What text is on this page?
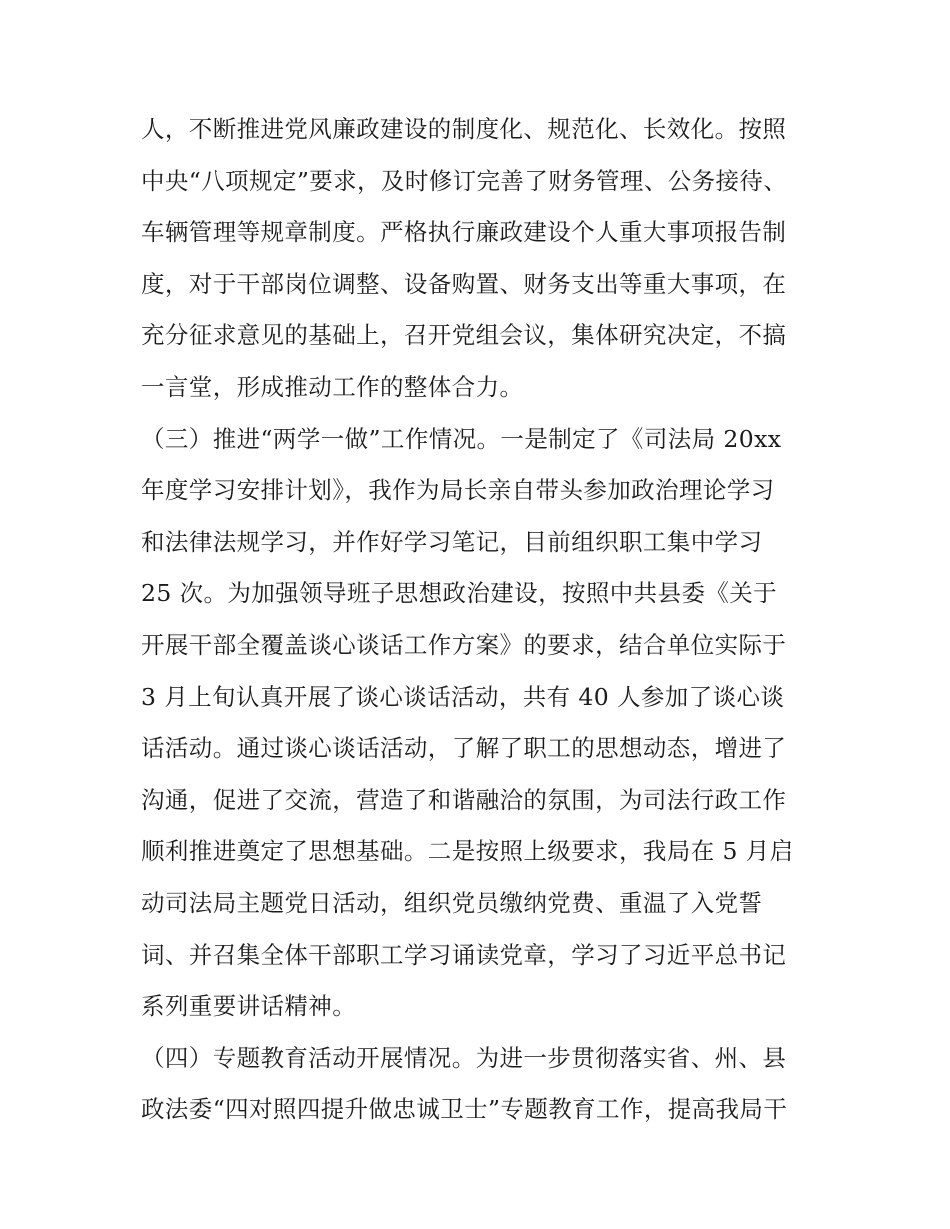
人，不断推进党风廉政建设的制度化、规范化、长效化。按照
中央“八项规定”要求，及时修订完善了财务管理、公务接待、
车辆管理等规章制度。严格执行廉政建设个人重大事项报告制
度，对于干部岗位调整、设备购置、财务支出等重大事项，在
充分征求意见的基础上，召开党组会议，集体研究决定，不搞
一言堂，形成推动工作的整体合力。
（三）推进“两学一做”工作情况。一是制定了《司法局 20xx
年度学习安排计划》，我作为局长亲自带头参加政治理论学习
和法律法规学习，并作好学习笔记，目前组织职工集中学习
25 次。为加强领导班子思想政治建设，按照中共县委《关于
开展干部全覆盖谈心谈话工作方案》的要求，结合单位实际于
3 月上旬认真开展了谈心谈话活动，共有 40 人参加了谈心谈
话活动。通过谈心谈话活动，了解了职工的思想动态，增进了
沟通，促进了交流，营造了和谐融洽的氛围，为司法行政工作
顺利推进奠定了思想基础。二是按照上级要求，我局在 5 月启
动司法局主题党日活动，组织党员缴纳党费、重温了入党誓
词、并召集全体干部职工学习诵读党章，学习了习近平总书记
系列重要讲话精神。
（四）专题教育活动开展情况。为进一步贯彻落实省、州、县
政法委“四对照四提升做忠诚卫士”专题教育工作，提高我局干
